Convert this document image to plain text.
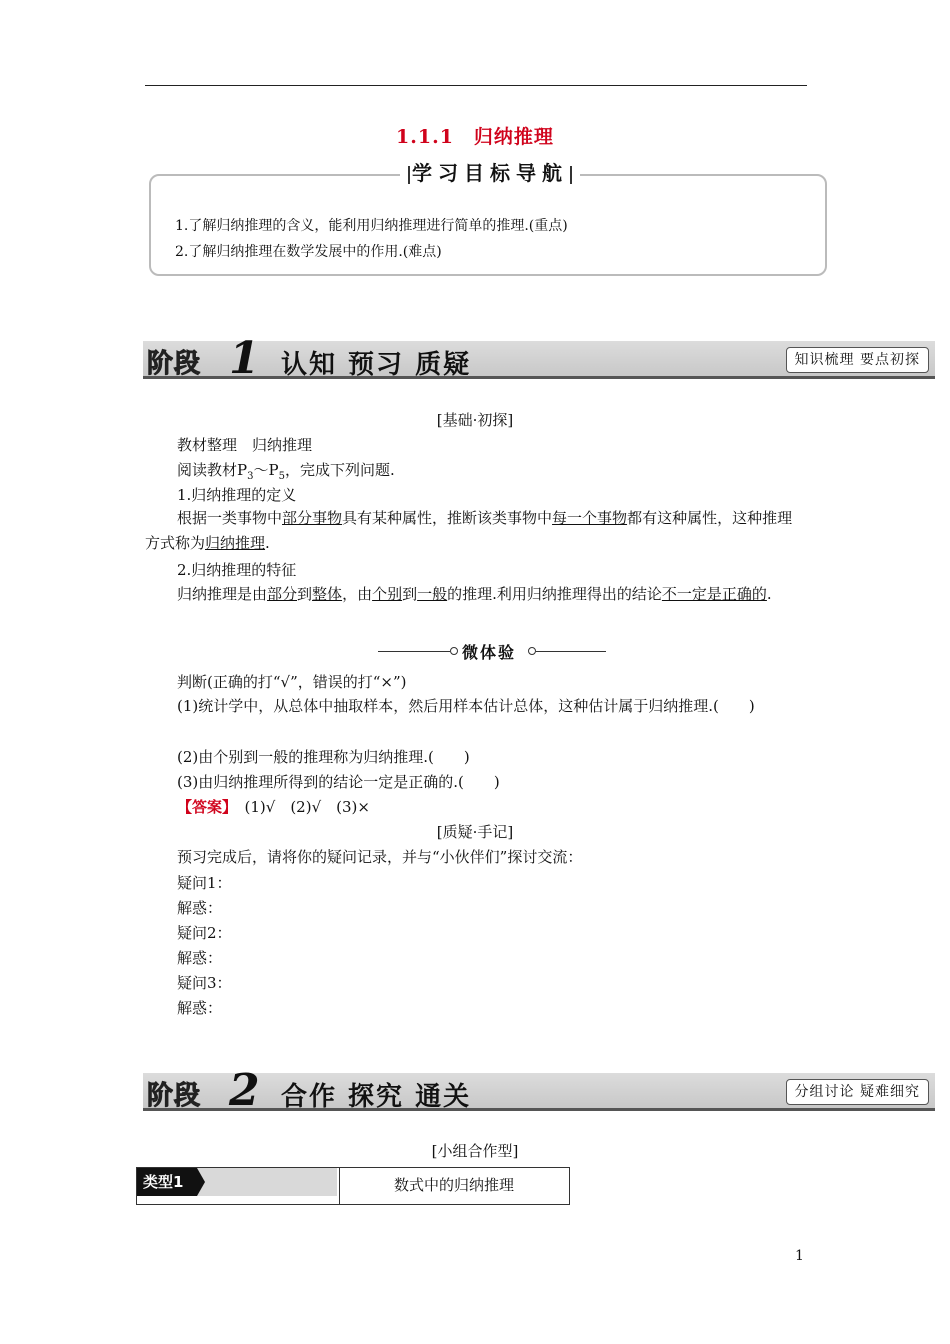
1.1.1　归纳推理
学习目标导航
1.了解归纳推理的含义，能利用归纳推理进行简单的推理.(重点)
2.了解归纳推理在数学发展中的作用.(难点)
阶段 1 认知 预习 质疑	知识梳理 要点初探
[基础·初探]
教材整理　归纳推理
阅读教材$P_3\sim P_5$，完成下列问题.
1.归纳推理的定义
根据一类事物中部分事物具有某种属性，推断该类事物中每一个事物都有这种属性，这种推理方式称为归纳推理.
2.归纳推理的特征
归纳推理是由部分到整体，由个别到一般的推理.利用归纳推理得出的结论不一定是正确的.
微体验
判断(正确的打“√”，错误的打“×”)
(1)统计学中，从总体中抽取样本，然后用样本估计总体，这种估计属于归纳推理.(　　)
(2)由个别到一般的推理称为归纳推理.(　　)
(3)由归纳推理所得到的结论一定是正确的.(　　)
【答案】　(1)√　(2)√　(3)×
[质疑·手记]
预习完成后，请将你的疑问记录，并与“小伙伴们”探讨交流：
疑问1：
解惑：
疑问2：
解惑：
疑问3：
解惑：
阶段 2 合作 探究 通关	分组讨论 疑难细究
[小组合作型]
类型1	数式中的归纳推理
1
